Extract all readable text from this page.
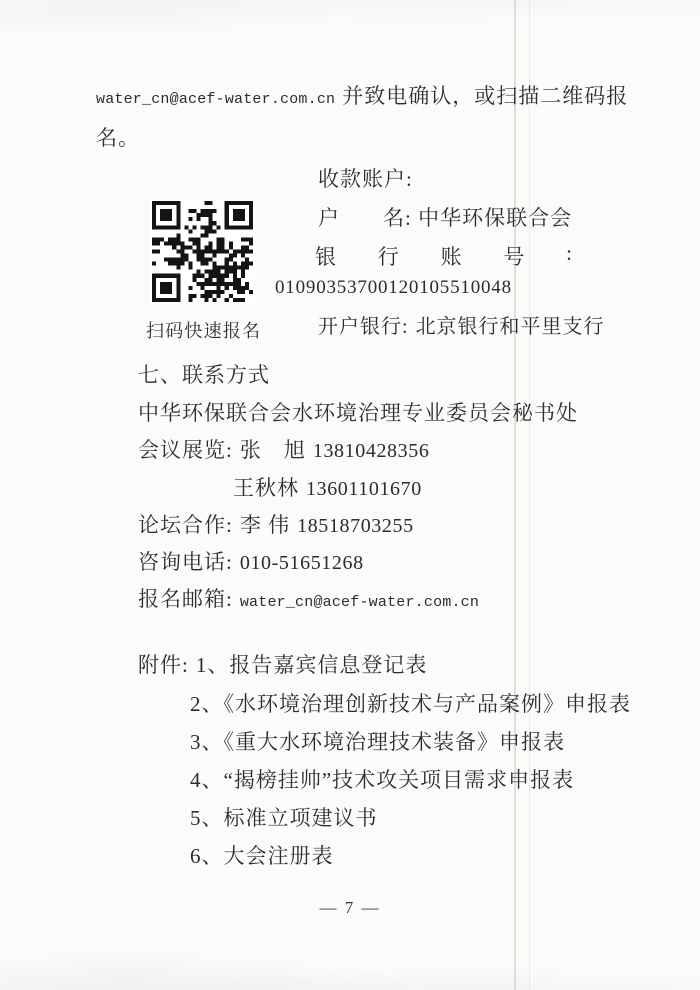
water_cn@acef-water.com.cn 并致电确认，或扫描二维码报
名。
收款账户:
扫码快速报名
户 名: 中华环保联合会
银 行 账 号 :
01090353700120105510048
开户银行: 北京银行和平里支行
七、联系方式
中华环保联合会水环境治理专业委员会秘书处
会议展览: 张　旭 13810428356
王秋林 13601101670
论坛合作: 李 伟 18518703255
咨询电话: 010-51651268
报名邮箱: water_cn@acef-water.com.cn
附件: 1、报告嘉宾信息登记表
2、《水环境治理创新技术与产品案例》申报表
3、《重大水环境治理技术装备》申报表
4、“揭榜挂帅”技术攻关项目需求申报表
5、标准立项建议书
6、大会注册表
— 7 —
